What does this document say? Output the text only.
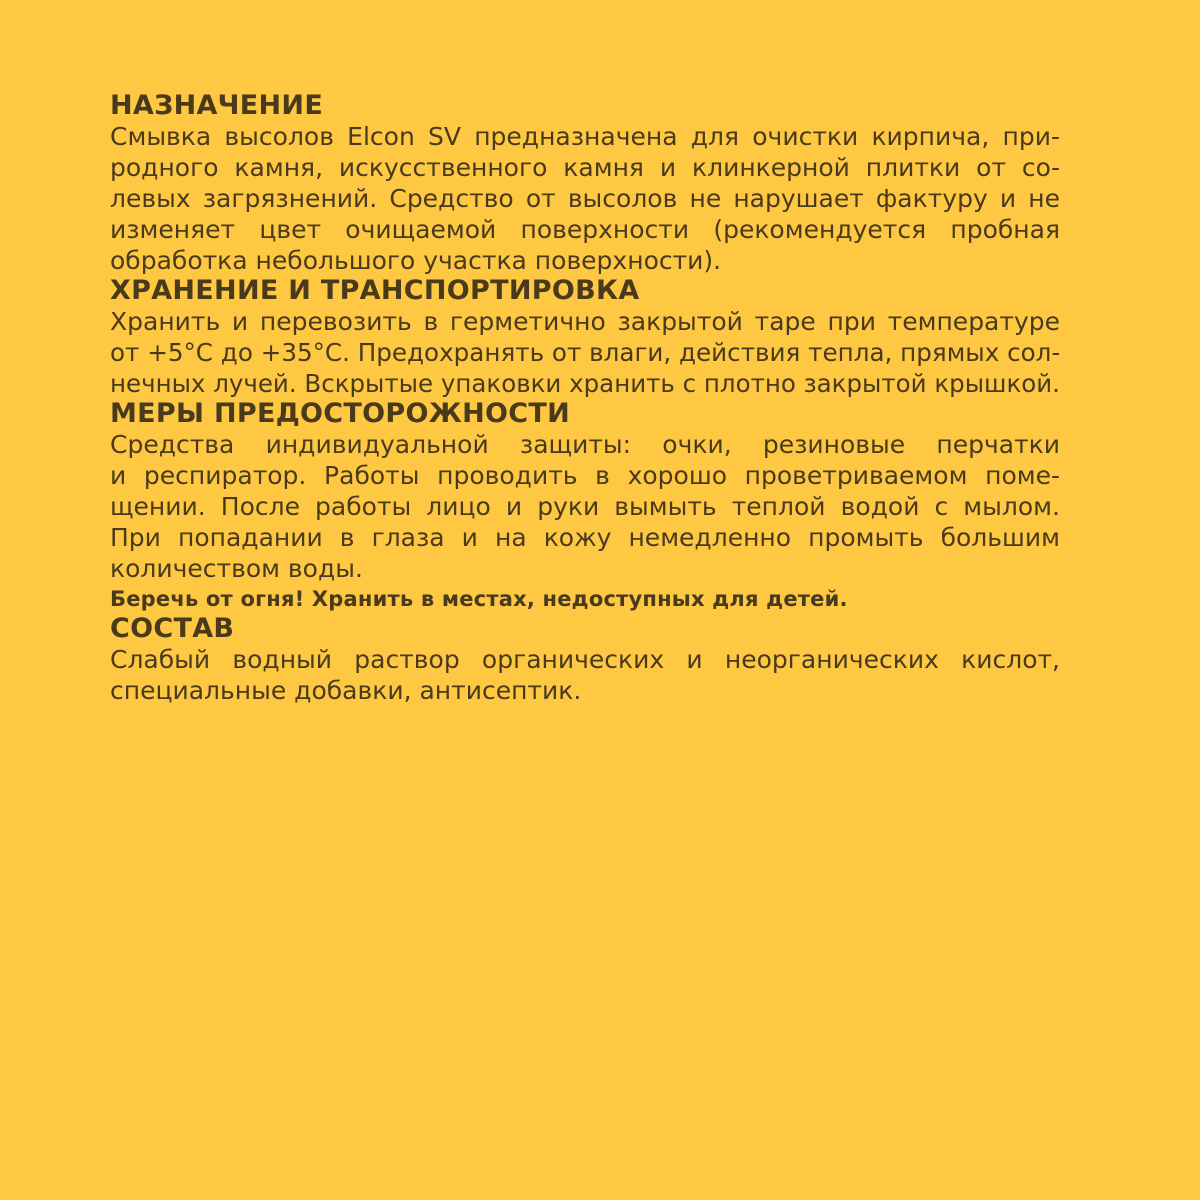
НАЗНАЧЕНИЕ
Смывка высолов Elcon SV предназначена для очистки кирпича, при-
родного камня, искусственного камня и клинкерной плитки от со-
левых загрязнений. Средство от высолов не нарушает фактуру и не
изменяет цвет очищаемой поверхности (рекомендуется пробная
обработка небольшого участка поверхности).
ХРАНЕНИЕ И ТРАНСПОРТИРОВКА
Хранить и перевозить в герметично закрытой таре при температуре
от +5°C до +35°C. Предохранять от влаги, действия тепла, прямых сол-
нечных лучей. Вскрытые упаковки хранить с плотно закрытой крышкой.
МЕРЫ ПРЕДОСТОРОЖНОСТИ
Средства индивидуальной защиты: очки, резиновые перчатки
и респиратор. Работы проводить в хорошо проветриваемом поме-
щении. После работы лицо и руки вымыть теплой водой с мылом.
При попадании в глаза и на кожу немедленно промыть большим
количеством воды.

Беречь от огня! Хранить в местах, недоступных для детей.

СОСТАВ
Слабый водный раствор органических и неорганических кислот,
специальные добавки, антисептик.
